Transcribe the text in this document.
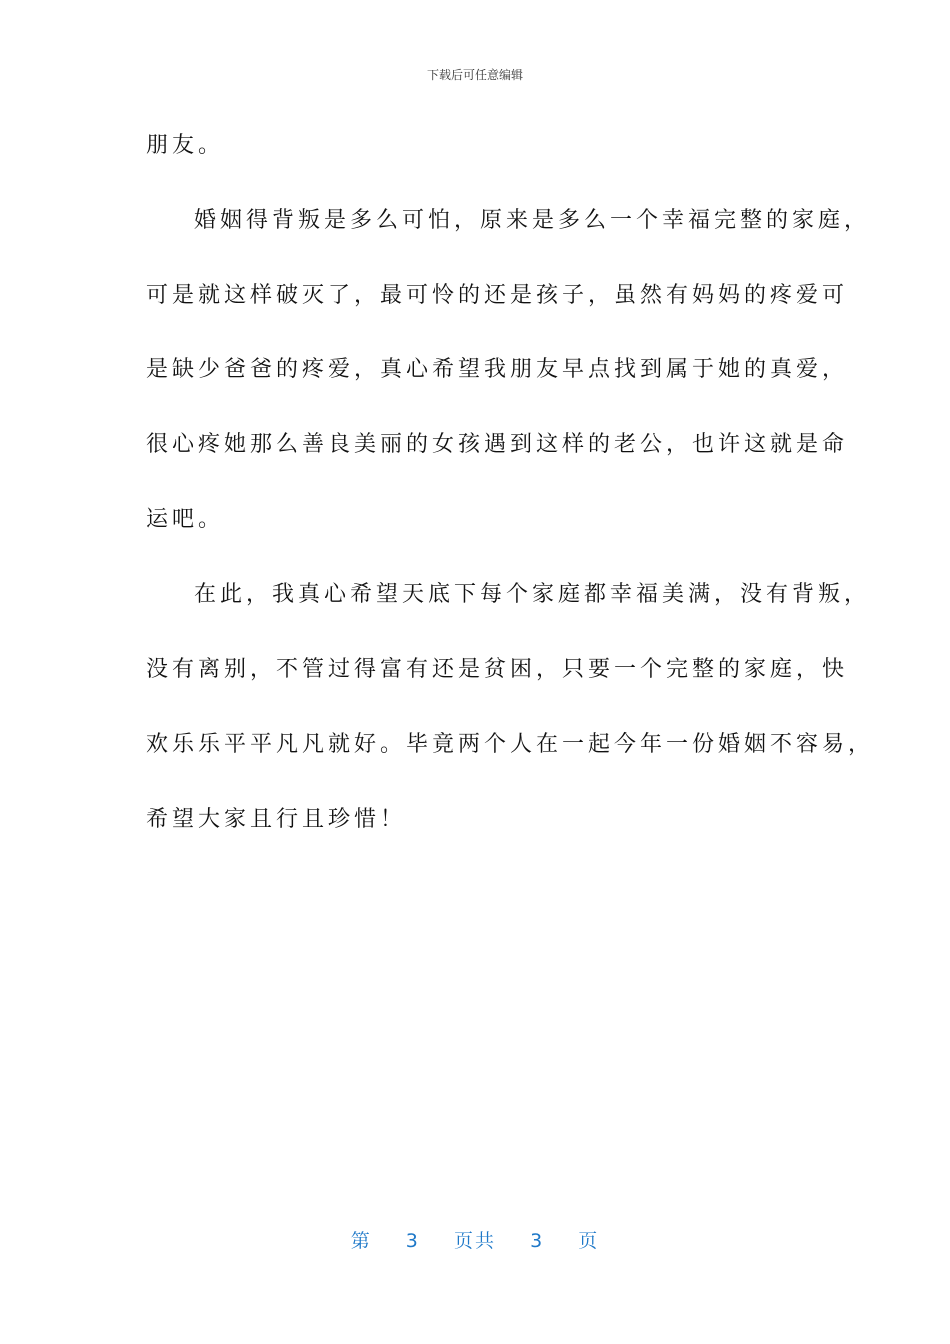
下载后可任意编辑
朋友。
婚姻得背叛是多么可怕，原来是多么一个幸福完整的家庭，
可是就这样破灭了，最可怜的还是孩子，虽然有妈妈的疼爱可
是缺少爸爸的疼爱，真心希望我朋友早点找到属于她的真爱，
很心疼她那么善良美丽的女孩遇到这样的老公，也许这就是命
运吧。
在此，我真心希望天底下每个家庭都幸福美满，没有背叛，
没有离别，不管过得富有还是贫困，只要一个完整的家庭，快
欢乐乐平平凡凡就好。毕竟两个人在一起今年一份婚姻不容易，
希望大家且行且珍惜！
第 3 页共 3 页
